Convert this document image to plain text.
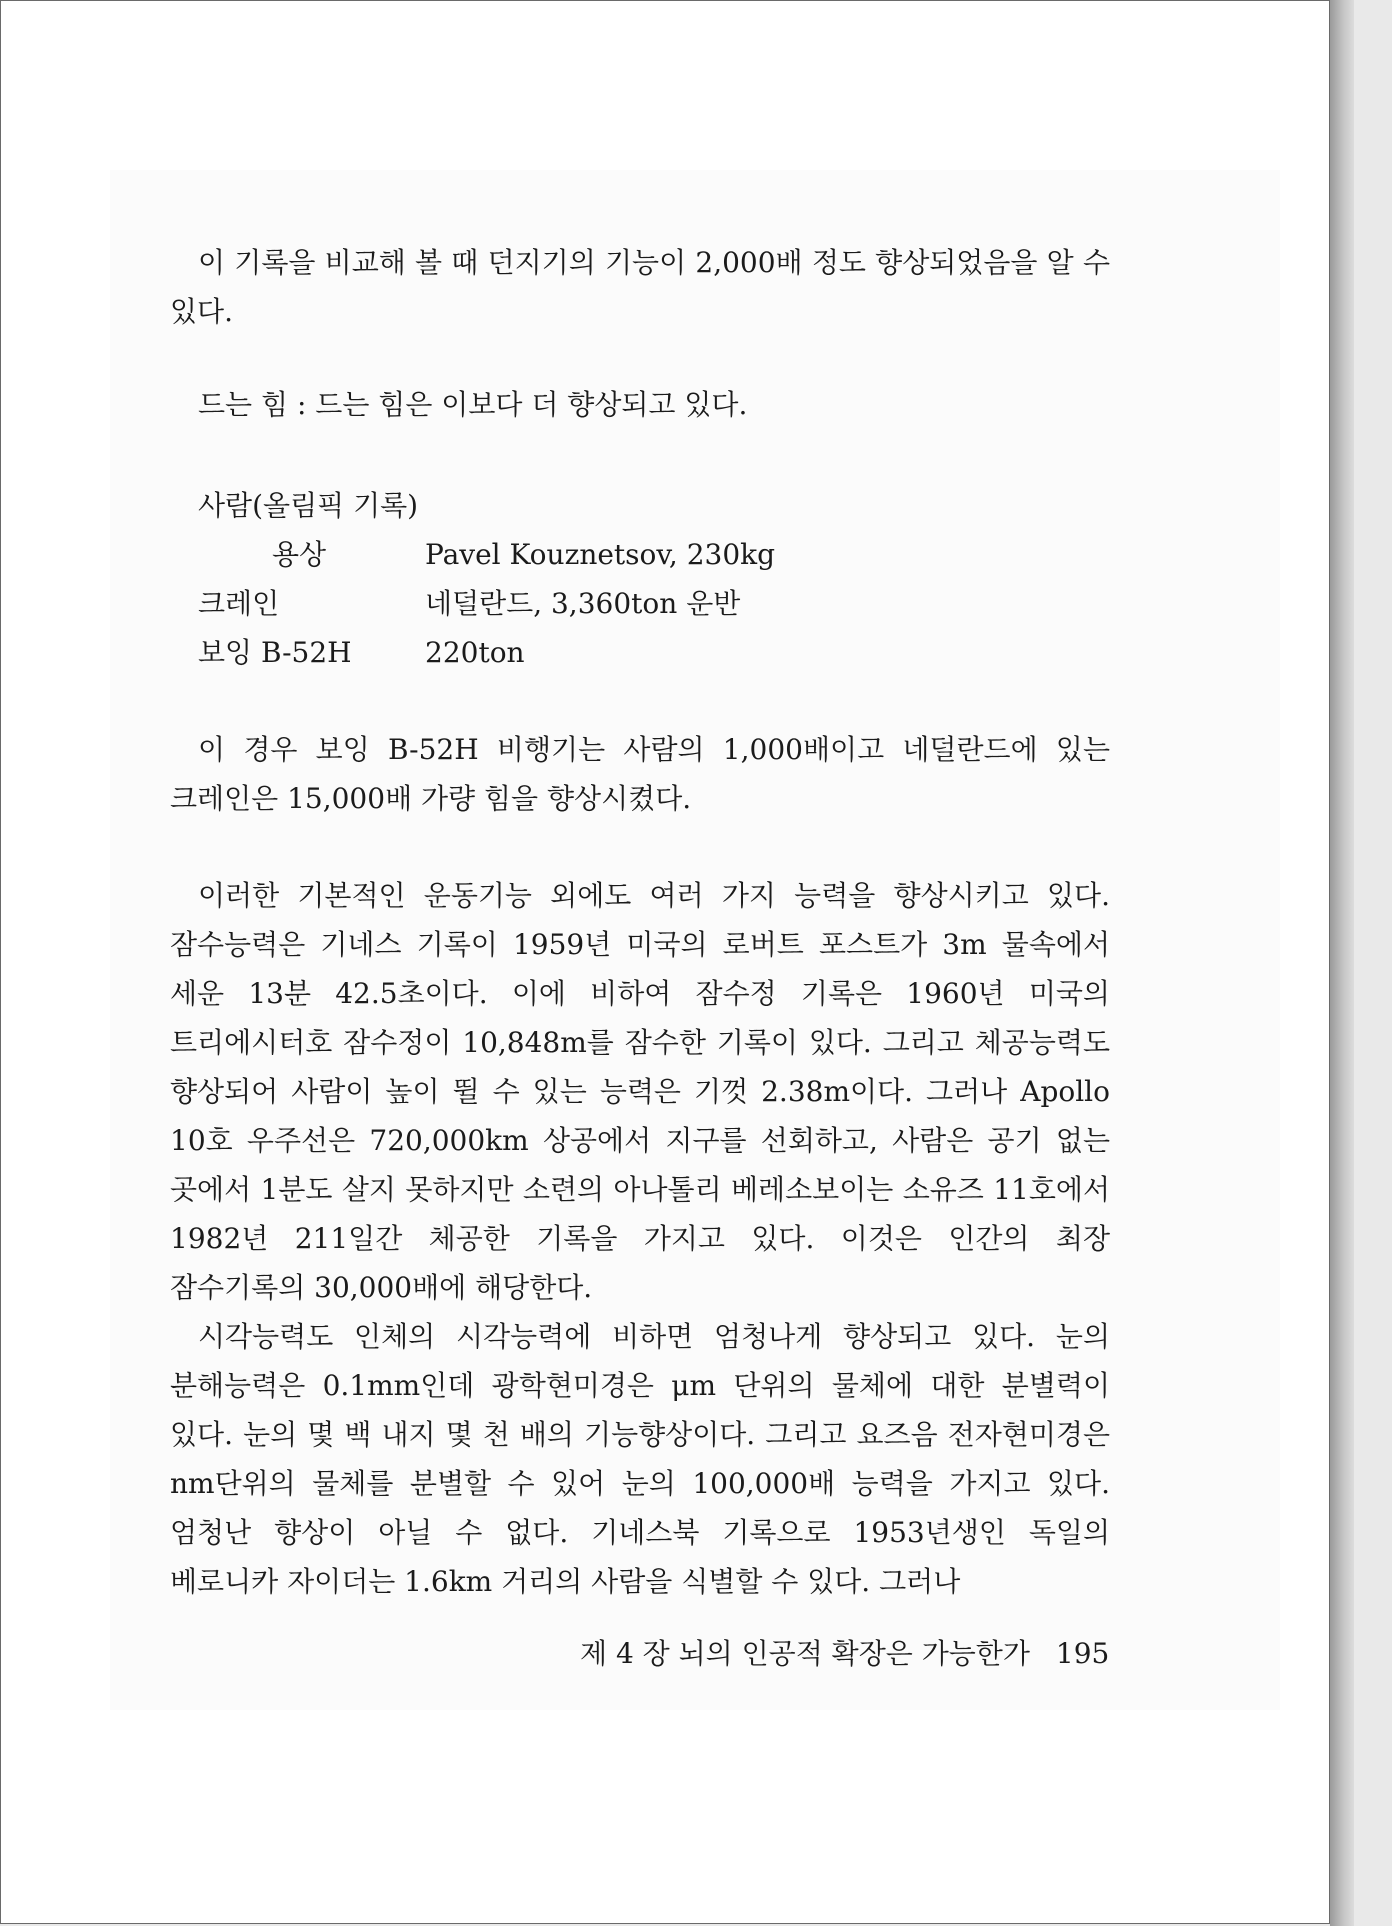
이 기록을 비교해 볼 때 던지기의 기능이 2,000배 정도 향상되었음을 알 수 있다.

드는 힘 : 드는 힘은 이보다 더 향상되고 있다.

사람(올림픽 기록)
용상	Pavel Kouznetsov, 230kg
크레인	네덜란드, 3,360ton 운반
보잉 B-52H	220ton

이 경우 보잉 B-52H 비행기는 사람의 1,000배이고 네덜란드에 있는 크레인은 15,000배 가량 힘을 향상시켰다.

이러한 기본적인 운동기능 외에도 여러 가지 능력을 향상시키고 있다. 잠수능력은 기네스 기록이 1959년 미국의 로버트 포스트가 3m 물속에서 세운 13분 42.5초이다. 이에 비하여 잠수정 기록은 1960년 미국의 트리에시터호 잠수정이 10,848m를 잠수한 기록이 있다. 그리고 체공능력도 향상되어 사람이 높이 뛸 수 있는 능력은 기껏 2.38m이다. 그러나 Apollo 10호 우주선은 720,000km 상공에서 지구를 선회하고, 사람은 공기 없는 곳에서 1분도 살지 못하지만 소련의 아나톨리 베레소보이는 소유즈 11호에서 1982년 211일간 체공한 기록을 가지고 있다. 이것은 인간의 최장 잠수기록의 30,000배에 해당한다.

시각능력도 인체의 시각능력에 비하면 엄청나게 향상되고 있다. 눈의 분해능력은 0.1mm인데 광학현미경은 μm 단위의 물체에 대한 분별력이 있다. 눈의 몇 백 내지 몇 천 배의 기능향상이다. 그리고 요즈음 전자현미경은 nm단위의 물체를 분별할 수 있어 눈의 100,000배 능력을 가지고 있다. 엄청난 향상이 아닐 수 없다. 기네스북 기록으로 1953년생인 독일의 베로니카 자이더는 1.6km 거리의 사람을 식별할 수 있다. 그러나

제 4 장 뇌의 인공적 확장은 가능한가 195
